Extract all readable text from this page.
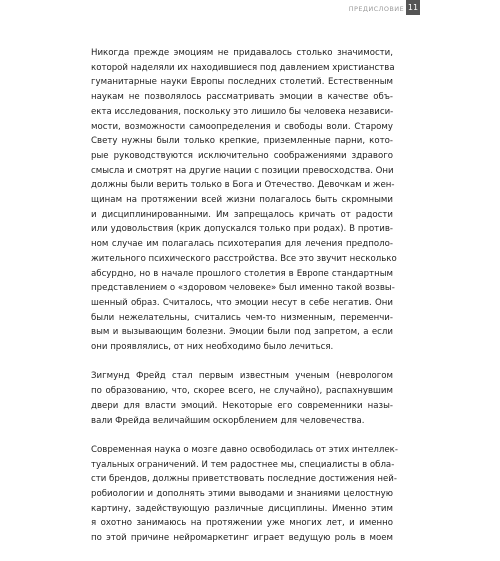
ПРЕДИСЛОВИЕ 11

Никогда прежде эмоциям не придавалось столько значимости,
которой наделяли их находившиеся под давлением христианства
гуманитарные науки Европы последних столетий. Естественным
наукам не позволялось рассматривать эмоции в качестве объ-
екта исследования, поскольку это лишило бы человека независи-
мости, возможности самоопределения и свободы воли. Старому
Свету нужны были только крепкие, приземленные парни, кото-
рые руководствуются исключительно соображениями здравого
смысла и смотрят на другие нации с позиции превосходства. Они
должны были верить только в Бога и Отечество. Девочкам и жен-
щинам на протяжении всей жизни полагалось быть скромными
и дисциплинированными. Им запрещалось кричать от радости
или удовольствия (крик допускался только при родах). В против-
ном случае им полагалась психотерапия для лечения предполо-
жительного психического расстройства. Все это звучит несколько
абсурдно, но в начале прошлого столетия в Европе стандартным
представлением о «здоровом человеке» был именно такой возвы-
шенный образ. Считалось, что эмоции несут в себе негатив. Они
были нежелательны, считались чем-то низменным, переменчи-
вым и вызывающим болезни. Эмоции были под запретом, а если
они проявлялись, от них необходимо было лечиться.

Зигмунд Фрейд стал первым известным ученым (неврологом
по образованию, что, скорее всего, не случайно), распахнувшим
двери для власти эмоций. Некоторые его современники назы-
вали Фрейда величайшим оскорблением для человечества.

Современная наука о мозге давно освободилась от этих интеллек-
туальных ограничений. И тем радостнее мы, специалисты в обла-
сти брендов, должны приветствовать последние достижения ней-
робиологии и дополнять этими выводами и знаниями целостную
картину, задействующую различные дисциплины. Именно этим
я охотно занимаюсь на протяжении уже многих лет, и именно
по этой причине нейромаркетинг играет ведущую роль в моем
